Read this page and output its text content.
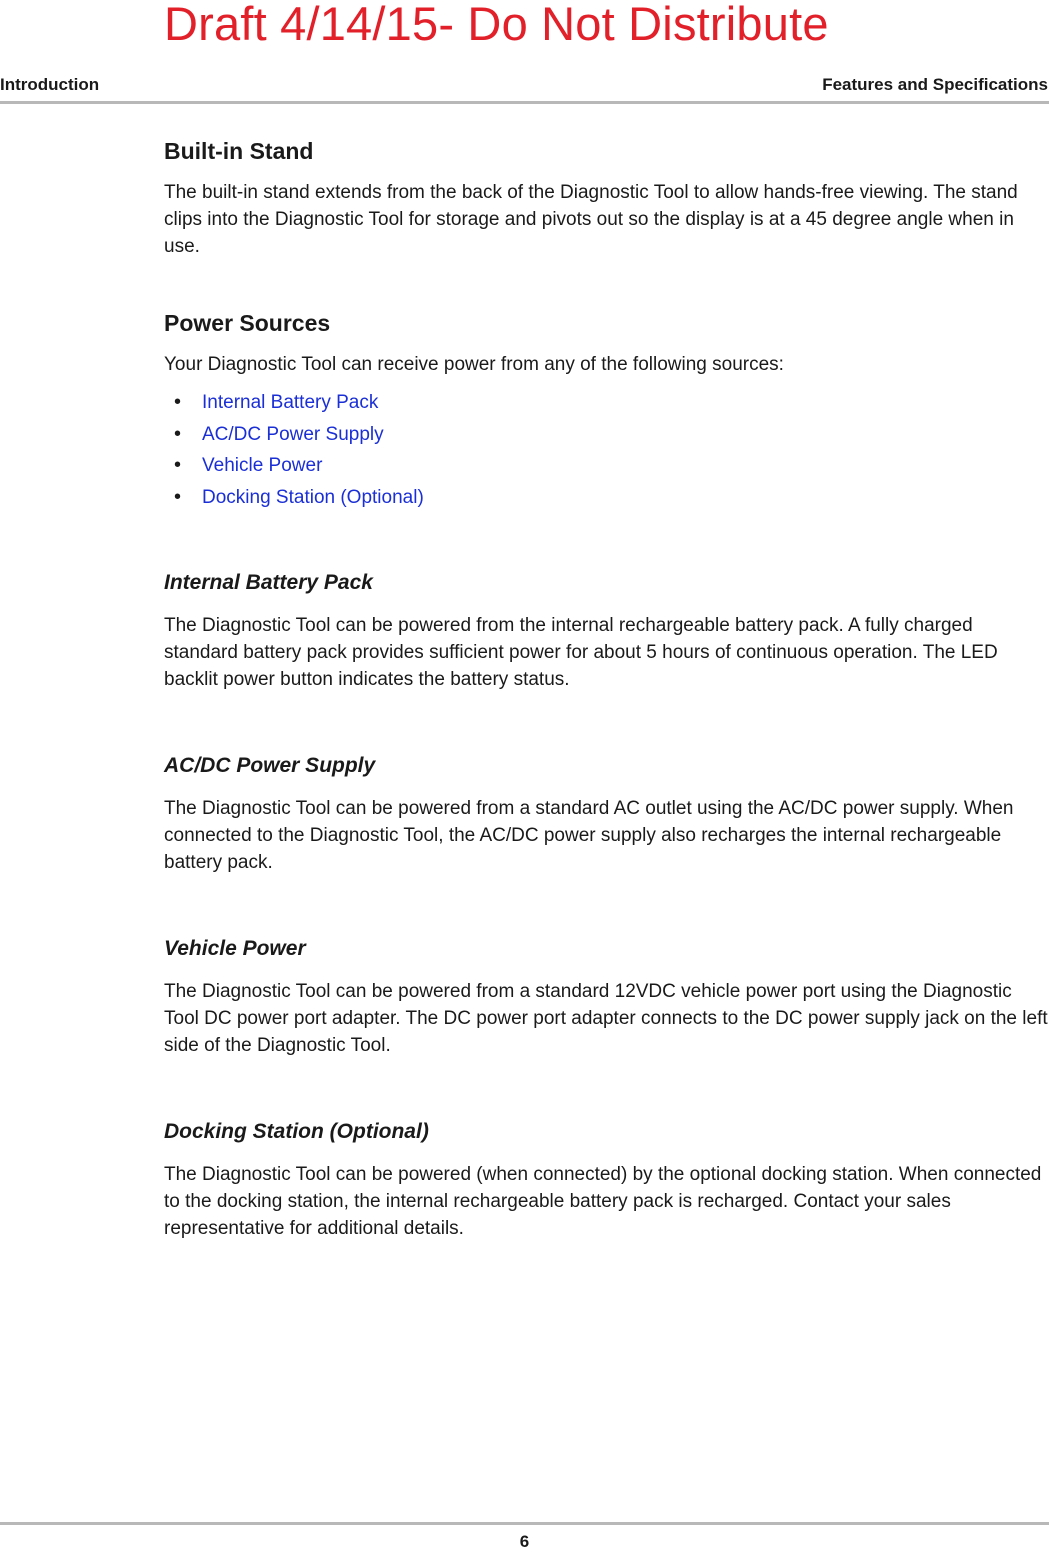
Draft 4/14/15- Do Not Distribute
Introduction	Features and Specifications
Built-in Stand

The built-in stand extends from the back of the Diagnostic Tool to allow hands-free viewing. The stand clips into the Diagnostic Tool for storage and pivots out so the display is at a 45 degree angle when in use.

Power Sources

Your Diagnostic Tool can receive power from any of the following sources:

• Internal Battery Pack
• AC/DC Power Supply
• Vehicle Power
• Docking Station (Optional)
Internal Battery Pack

The Diagnostic Tool can be powered from the internal rechargeable battery pack. A fully charged standard battery pack provides sufficient power for about 5 hours of continuous operation. The LED backlit power button indicates the battery status.

AC/DC Power Supply

The Diagnostic Tool can be powered from a standard AC outlet using the AC/DC power supply. When connected to the Diagnostic Tool, the AC/DC power supply also recharges the internal rechargeable battery pack.

Vehicle Power

The Diagnostic Tool can be powered from a standard 12VDC vehicle power port using the Diagnostic Tool DC power port adapter. The DC power port adapter connects to the DC power supply jack on the left side of the Diagnostic Tool.

Docking Station (Optional)

The Diagnostic Tool can be powered (when connected) by the optional docking station. When connected to the docking station, the internal rechargeable battery pack is recharged. Contact your sales representative for additional details.

6
